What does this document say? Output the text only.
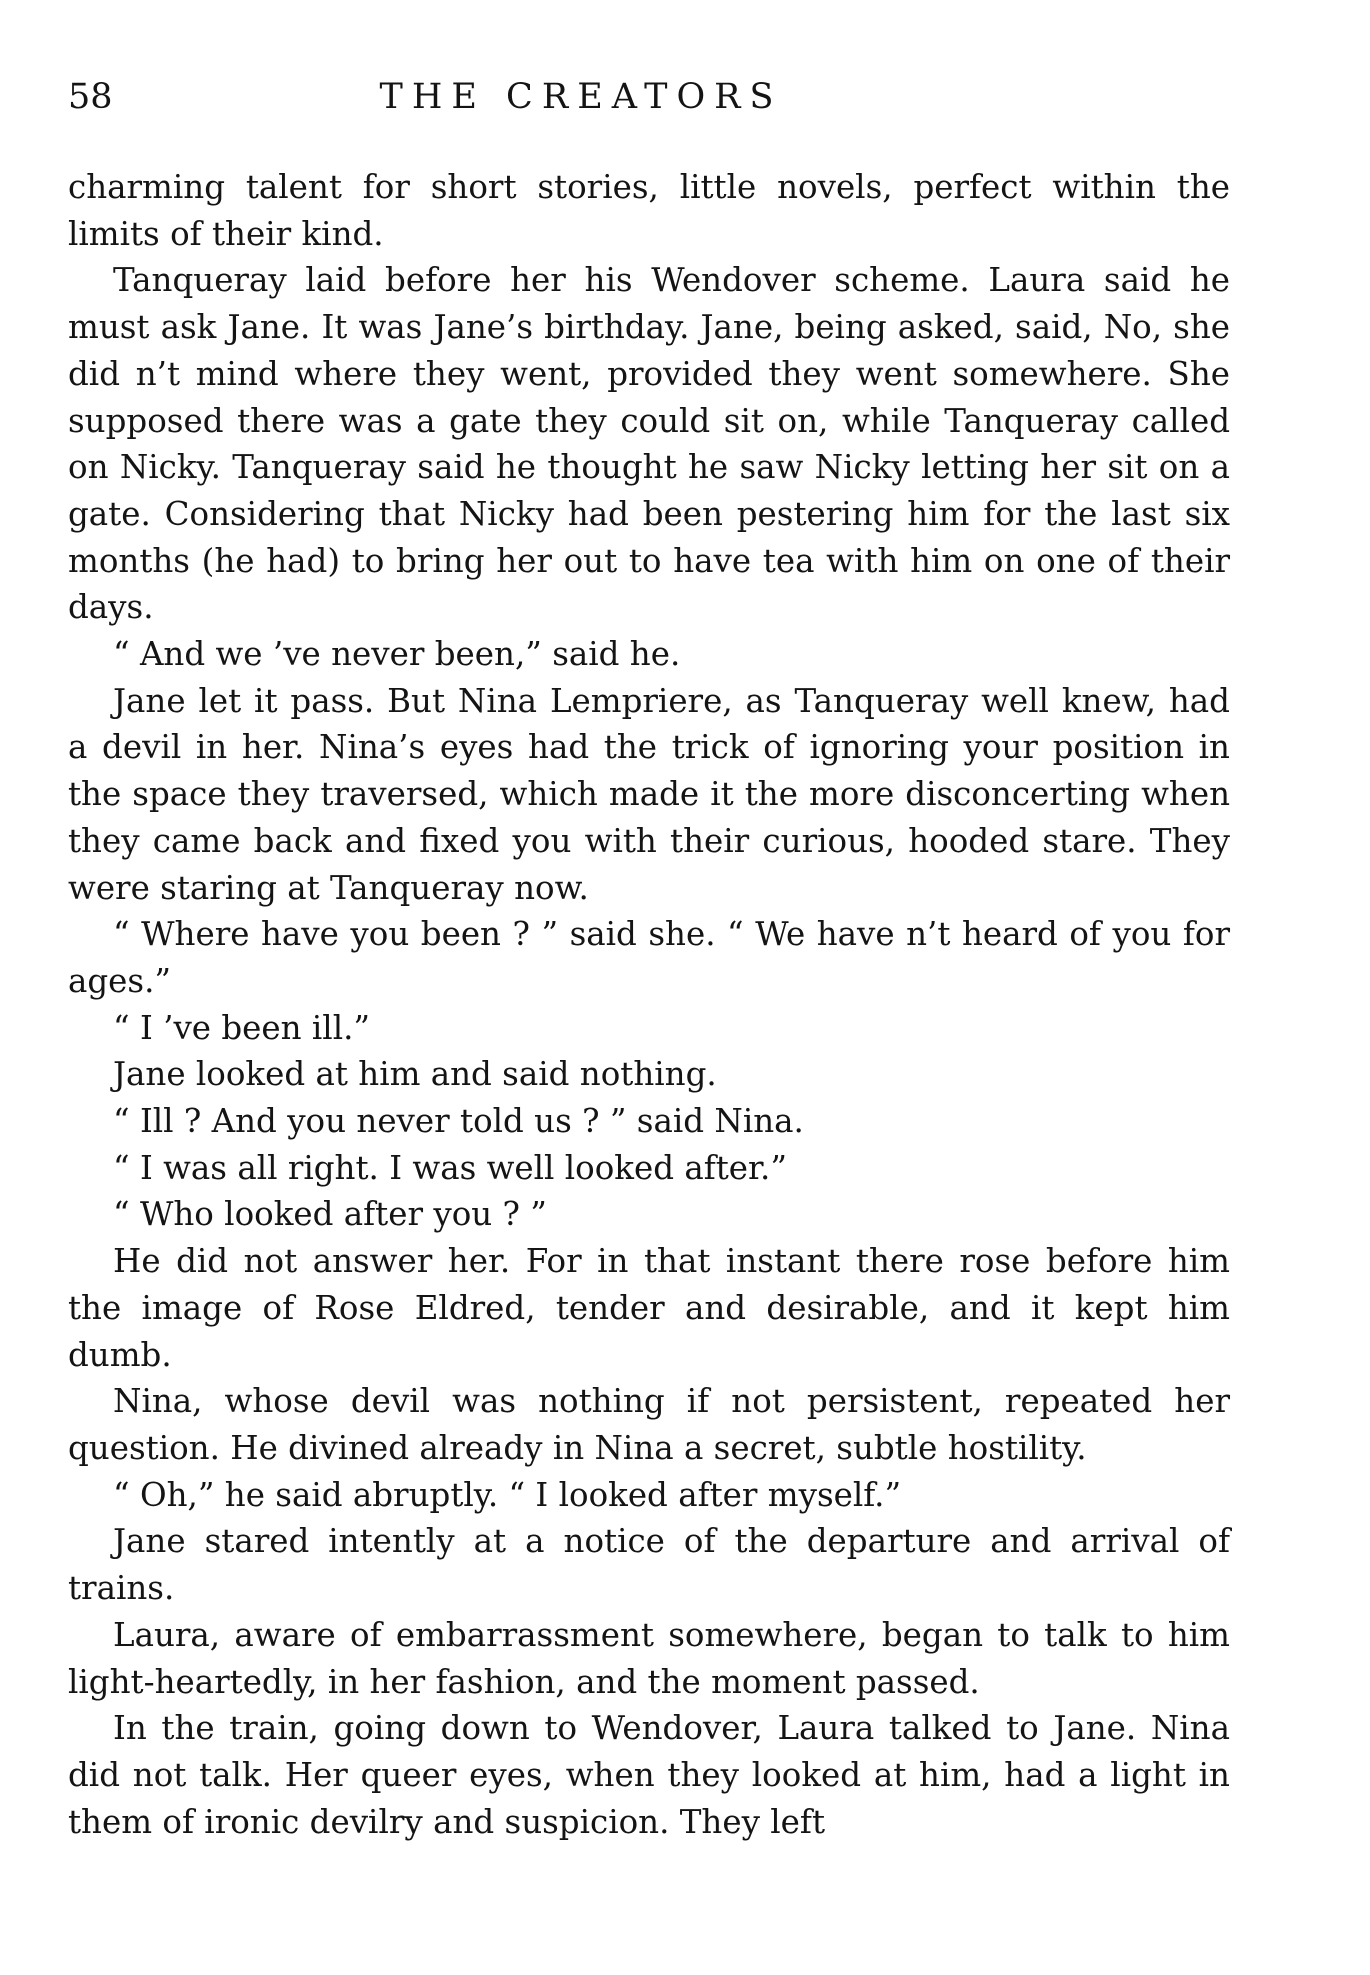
58	THE CREATORS

charming talent for short stories, little novels, perfect within the limits of their kind.

Tanqueray laid before her his Wendover scheme. Laura said he must ask Jane. It was Jane’s birthday. Jane, being asked, said, No, she did n’t mind where they went, provided they went somewhere. She supposed there was a gate they could sit on, while Tanqueray called on Nicky. Tanqueray said he thought he saw Nicky letting her sit on a gate. Considering that Nicky had been pestering him for the last six months (he had) to bring her out to have tea with him on one of their days.

“ And we ’ve never been,” said he.

Jane let it pass. But Nina Lempriere, as Tanqueray well knew, had a devil in her. Nina’s eyes had the trick of ignoring your position in the space they traversed, which made it the more disconcerting when they came back and fixed you with their curious, hooded stare. They were staring at Tanqueray now.

“ Where have you been ? ” said she. “ We have n’t heard of you for ages.”

“ I ’ve been ill.”

Jane looked at him and said nothing.

“ Ill ? And you never told us ? ” said Nina.

“ I was all right. I was well looked after.”

“ Who looked after you ? ”

He did not answer her. For in that instant there rose before him the image of Rose Eldred, tender and desirable, and it kept him dumb.

Nina, whose devil was nothing if not persistent, repeated her question. He divined already in Nina a secret, subtle hostility.

“ Oh,” he said abruptly. “ I looked after myself.”

Jane stared intently at a notice of the departure and arrival of trains.

Laura, aware of embarrassment somewhere, began to talk to him light-heartedly, in her fashion, and the moment passed.

In the train, going down to Wendover, Laura talked to Jane. Nina did not talk. Her queer eyes, when they looked at him, had a light in them of ironic devilry and suspicion. They left
